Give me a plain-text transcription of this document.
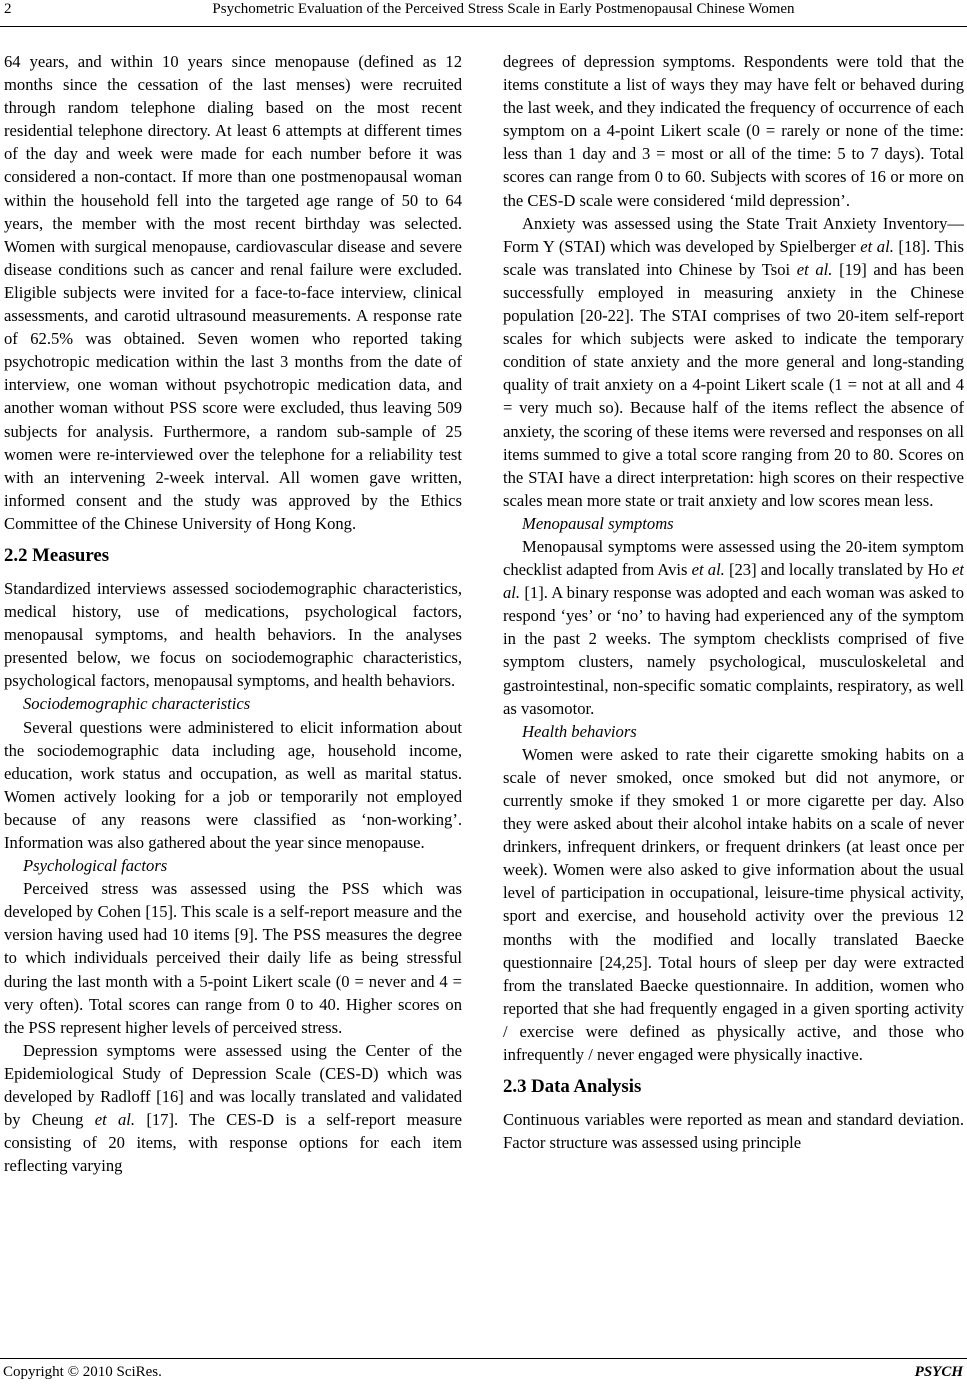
2	Psychometric Evaluation of the Perceived Stress Scale in Early Postmenopausal Chinese Women

64 years, and within 10 years since menopause (defined as 12 months since the cessation of the last menses) were recruited through random telephone dialing based on the most recent residential telephone directory. At least 6 attempts at different times of the day and week were made for each number before it was considered a non-contact. If more than one postmenopausal woman within the household fell into the targeted age range of 50 to 64 years, the member with the most recent birthday was selected. Women with surgical menopause, cardiovascular disease and severe disease conditions such as cancer and renal failure were excluded. Eligible subjects were invited for a face-to-face interview, clinical assessments, and carotid ultrasound measurements. A response rate of 62.5% was obtained. Seven women who reported taking psychotropic medication within the last 3 months from the date of interview, one woman without psychotropic medication data, and another woman without PSS score were excluded, thus leaving 509 subjects for analysis. Furthermore, a random sub-sample of 25 women were re-interviewed over the telephone for a reliability test with an intervening 2-week interval. All women gave written, informed consent and the study was approved by the Ethics Committee of the Chinese University of Hong Kong.

2.2 Measures

Standardized interviews assessed sociodemographic characteristics, medical history, use of medications, psychological factors, menopausal symptoms, and health behaviors. In the analyses presented below, we focus on sociodemographic characteristics, psychological factors, menopausal symptoms, and health behaviors.

Sociodemographic characteristics

Several questions were administered to elicit information about the sociodemographic data including age, household income, education, work status and occupation, as well as marital status. Women actively looking for a job or temporarily not employed because of any reasons were classified as ‘non-working’. Information was also gathered about the year since menopause.

Psychological factors

Perceived stress was assessed using the PSS which was developed by Cohen [15]. This scale is a self-report measure and the version having used had 10 items [9]. The PSS measures the degree to which individuals perceived their daily life as being stressful during the last month with a 5-point Likert scale (0 = never and 4 = very often). Total scores can range from 0 to 40. Higher scores on the PSS represent higher levels of perceived stress.

Depression symptoms were assessed using the Center of the Epidemiological Study of Depression Scale (CES-D) which was developed by Radloff [16] and was locally translated and validated by Cheung et al. [17]. The CES-D is a self-report measure consisting of 20 items, with response options for each item reflecting varying

degrees of depression symptoms. Respondents were told that the items constitute a list of ways they may have felt or behaved during the last week, and they indicated the frequency of occurrence of each symptom on a 4-point Likert scale (0 = rarely or none of the time: less than 1 day and 3 = most or all of the time: 5 to 7 days). Total scores can range from 0 to 60. Subjects with scores of 16 or more on the CES-D scale were considered ‘mild depression’.

Anxiety was assessed using the State Trait Anxiety Inventory—Form Y (STAI) which was developed by Spielberger et al. [18]. This scale was translated into Chinese by Tsoi et al. [19] and has been successfully employed in measuring anxiety in the Chinese population [20-22]. The STAI comprises of two 20-item self-report scales for which subjects were asked to indicate the temporary condition of state anxiety and the more general and long-standing quality of trait anxiety on a 4-point Likert scale (1 = not at all and 4 = very much so). Because half of the items reflect the absence of anxiety, the scoring of these items were reversed and responses on all items summed to give a total score ranging from 20 to 80. Scores on the STAI have a direct interpretation: high scores on their respective scales mean more state or trait anxiety and low scores mean less.

Menopausal symptoms

Menopausal symptoms were assessed using the 20-item symptom checklist adapted from Avis et al. [23] and locally translated by Ho et al. [1]. A binary response was adopted and each woman was asked to respond ‘yes’ or ‘no’ to having had experienced any of the symptom in the past 2 weeks. The symptom checklists comprised of five symptom clusters, namely psychological, musculoskeletal and gastrointestinal, non-specific somatic complaints, respiratory, as well as vasomotor.

Health behaviors

Women were asked to rate their cigarette smoking habits on a scale of never smoked, once smoked but did not anymore, or currently smoke if they smoked 1 or more cigarette per day. Also they were asked about their alcohol intake habits on a scale of never drinkers, infrequent drinkers, or frequent drinkers (at least once per week). Women were also asked to give information about the usual level of participation in occupational, leisure-time physical activity, sport and exercise, and household activity over the previous 12 months with the modified and locally translated Baecke questionnaire [24,25]. Total hours of sleep per day were extracted from the translated Baecke questionnaire. In addition, women who reported that she had frequently engaged in a given sporting activity / exercise were defined as physically active, and those who infrequently / never engaged were physically inactive.

2.3 Data Analysis

Continuous variables were reported as mean and standard deviation. Factor structure was assessed using principle

Copyright © 2010 SciRes.	PSYCH
